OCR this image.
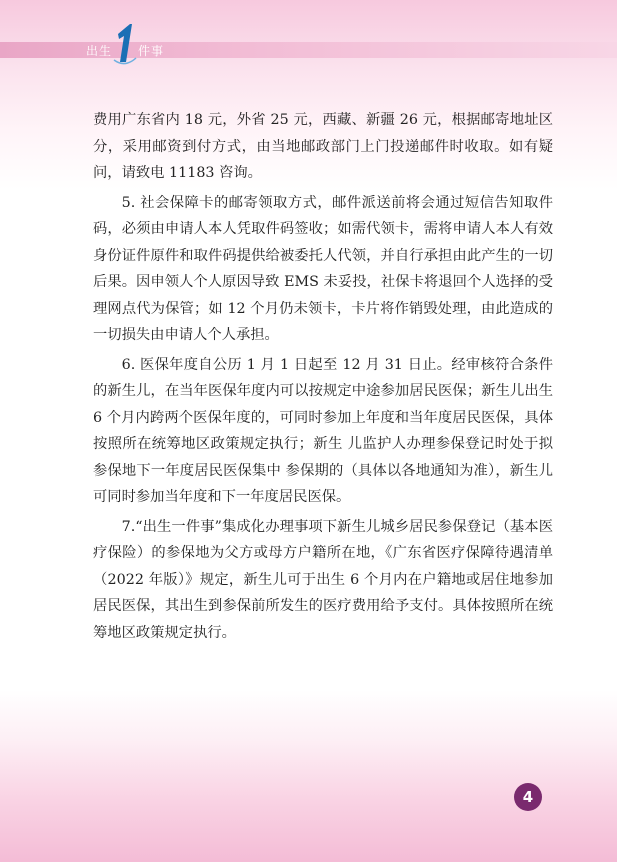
出生 件事

费用广东省内 18 元，外省 25 元，西藏、新疆 26 元，根据邮寄地址区分，采用邮资到付方式，由当地邮政部门上门投递邮件时收取。如有疑问，请致电 11183 咨询。

5. 社会保障卡的邮寄领取方式，邮件派送前将会通过短信告知取件码，必须由申请人本人凭取件码签收；如需代领卡，需将申请人本人有效身份证件原件和取件码提供给被委托人代领，并自行承担由此产生的一切后果。因申领人个人原因导致 EMS 未妥投，社保卡将退回个人选择的受理网点代为保管；如 12 个月仍未领卡，卡片将作销毁处理，由此造成的一切损失由申请人个人承担。

6. 医保年度自公历 1 月 1 日起至 12 月 31 日止。经审核符合条件的新生儿，在当年医保年度内可以按规定中途参加居民医保；新生儿出生 6 个月内跨两个医保年度的，可同时参加上年度和当年度居民医保，具体按照所在统筹地区政策规定执行；新生 儿监护人办理参保登记时处于拟参保地下一年度居民医保集中 参保期的（具体以各地通知为准），新生儿可同时参加当年度和下一年度居民医保。

7.“出生一件事”集成化办理事项下新生儿城乡居民参保登记（基本医疗保险）的参保地为父方或母方户籍所在地，《广东省医疗保障待遇清单（2022 年版）》规定，新生儿可于出生 6 个月内在户籍地或居住地参加居民医保，其出生到参保前所发生的医疗费用给予支付。具体按照所在统筹地区政策规定执行。

4
